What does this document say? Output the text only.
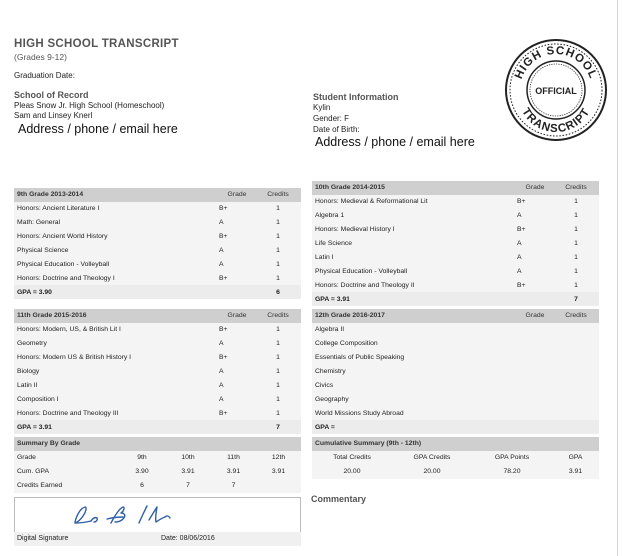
HIGH SCHOOL TRANSCRIPT
(Grades 9-12)
Graduation Date:
School of Record
Pleas Snow Jr. High School (Homeschool)
Sam and Linsey Knerl
Address / phone / email here
Student Information
Kylin
Gender: F
Date of Birth:
Address / phone / email here
HIGH SCHOOL
TRANSCRIPT
OFFICIAL
9th Grade 2013-2014	Grade	Credits
Honors: Ancient Literature I	B+	1
Math: General	A	1
Honors: Ancient World History	B+	1
Physical Science	A	1
Physical Education - Volleyball	A	1
Honors: Doctrine and Theology I	B+	1
GPA = 3.90		6
10th Grade 2014-2015	Grade	Credits
Honors: Medieval & Reformational Lit	B+	1
Algebra 1	A	1
Honors: Medieval History I	B+	1
Life Science	A	1
Latin I	A	1
Physical Education - Volleyball	A	1
Honors: Doctrine and Theology II	B+	1
GPA = 3.91		7
11th Grade 2015-2016	Grade	Credits
Honors: Modern, US, & British Lit I	B+	1
Geometry	A	1
Honors: Modern US & British History I	B+	1
Biology	A	1
Latin II	A	1
Composition I	A	1
Honors: Doctrine and Theology III	B+	1
GPA = 3.91		7
12th Grade 2016-2017	Grade	Credits
Algebra II		
College Composition		
Essentials of Public Speaking		
Chemistry		
Civics		
Geography		
World Missions Study Abroad		
GPA =		
Summary By Grade				
Grade	9th	10th	11th	12th
Cum. GPA	3.90	3.91	3.91	3.91
Credits Earned	6	7	7	
Cumulative Summary (9th - 12th)			
Total Credits	GPA Credits	GPA Points	GPA
20.00	20.00	78.20	3.91
Digital Signature	Date: 08/06/2016
Commentary
